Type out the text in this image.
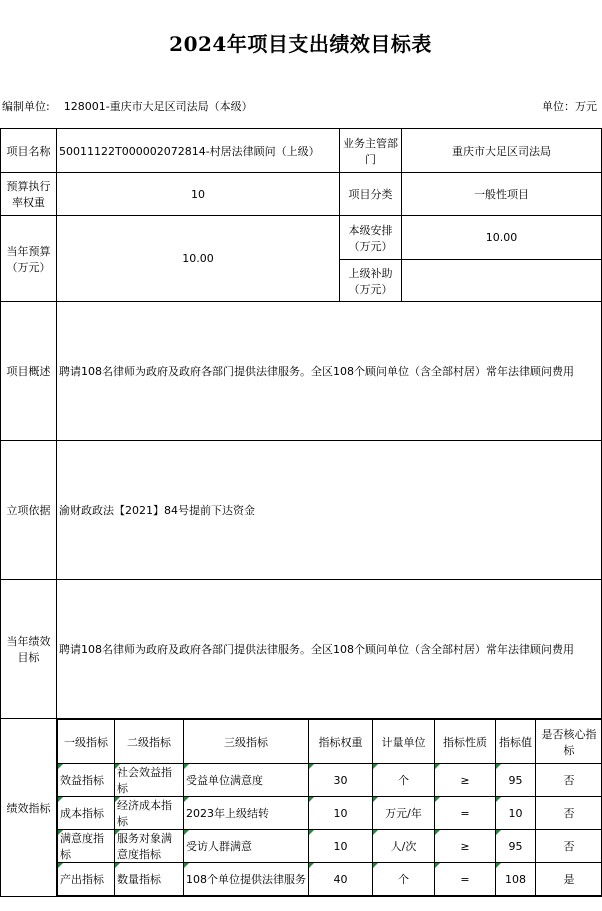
2024年项目支出绩效目标表
编制单位: 128001-重庆市大足区司法局（本级）	单位：万元
项目名称	50011122T000002072814-村居法律顾问（上级）	业务主管部门	重庆市大足区司法局
预算执行率权重	10	项目分类	一般性项目
当年预算（万元）	10.00	本级安排（万元）	10.00
上级补助（万元）	
项目概述	聘请108名律师为政府及政府各部门提供法律服务。全区108个顾问单位（含全部村居）常年法律顾问费用
立项依据	渝财政政法【2021】84号提前下达资金
当年绩效目标	聘请108名律师为政府及政府各部门提供法律服务。全区108个顾问单位（含全部村居）常年法律顾问费用
绩效指标	
一级指标	二级指标	三级指标	指标权重	计量单位	指标性质	指标值	是否核心指标
效益指标	社会效益指标	受益单位满意度	30	个	≥	95	否
成本指标	经济成本指标	2023年上级结转	10	万元/年	=	10	否
满意度指标	服务对象满意度指标	受访人群满意	10	人/次	≥	95	否
产出指标	数量指标	108个单位提供法律服务	40	个	=	108	是
